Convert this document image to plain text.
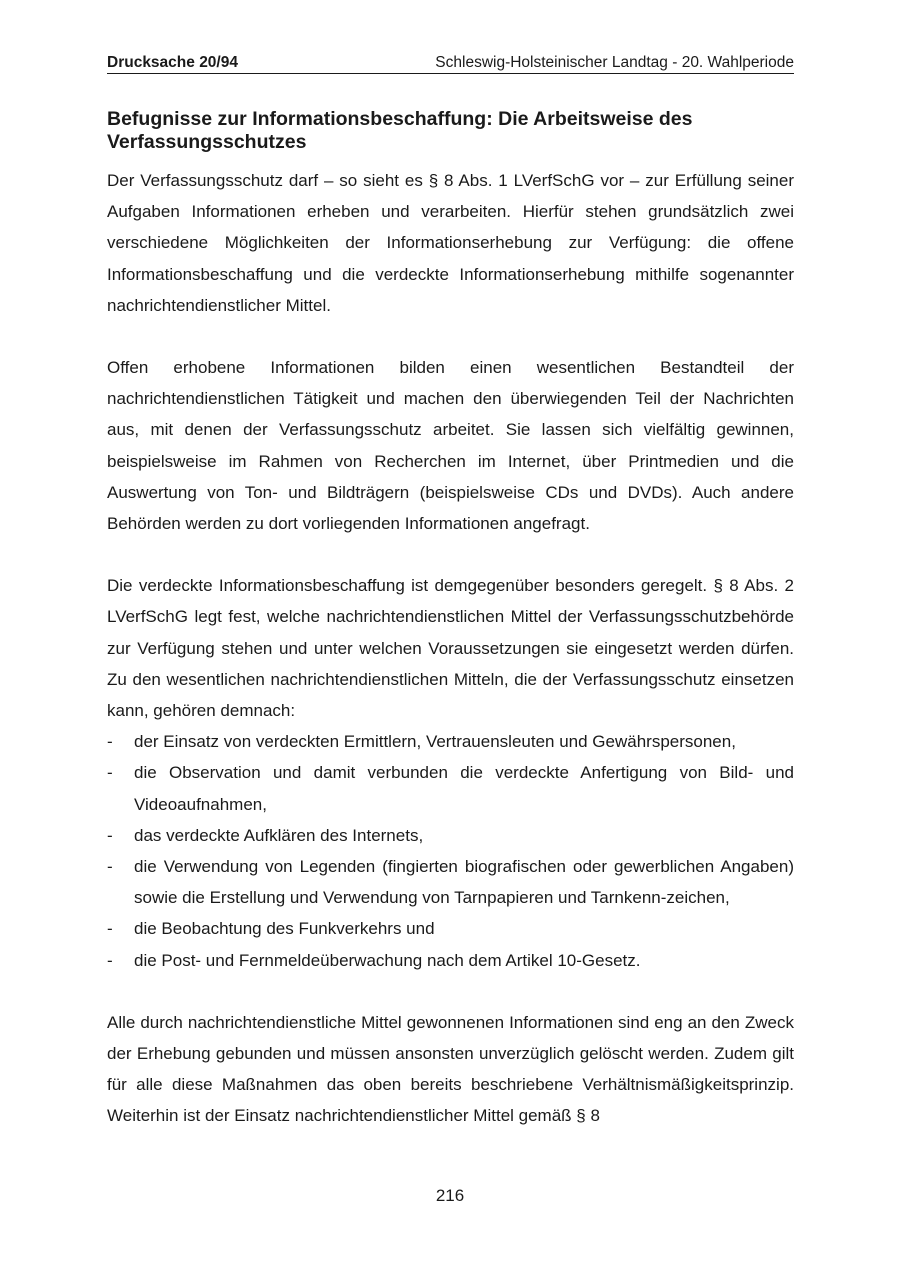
Drucksache 20/94	Schleswig-Holsteinischer Landtag - 20. Wahlperiode
Befugnisse zur Informationsbeschaffung: Die Arbeitsweise des Verfassungsschutzes

Der Verfassungsschutz darf – so sieht es § 8 Abs. 1 LVerfSchG vor – zur Erfüllung seiner Aufgaben Informationen erheben und verarbeiten. Hierfür stehen grundsätzlich zwei verschiedene Möglichkeiten der Informationserhebung zur Verfügung: die offene Informationsbeschaffung und die verdeckte Informationserhebung mithilfe sogenannter nachrichtendienstlicher Mittel.

Offen erhobene Informationen bilden einen wesentlichen Bestandteil der nachrichtendienstlichen Tätigkeit und machen den überwiegenden Teil der Nachrichten aus, mit denen der Verfassungsschutz arbeitet. Sie lassen sich vielfältig gewinnen, beispielsweise im Rahmen von Recherchen im Internet, über Printmedien und die Auswertung von Ton- und Bildträgern (beispielsweise CDs und DVDs). Auch andere Behörden werden zu dort vorliegenden Informationen angefragt.

Die verdeckte Informationsbeschaffung ist demgegenüber besonders geregelt. § 8 Abs. 2 LVerfSchG legt fest, welche nachrichtendienstlichen Mittel der Verfassungsschutzbehörde zur Verfügung stehen und unter welchen Voraussetzungen sie eingesetzt werden dürfen. Zu den wesentlichen nachrichtendienstlichen Mitteln, die der Verfassungsschutz einsetzen kann, gehören demnach:

- der Einsatz von verdeckten Ermittlern, Vertrauensleuten und Gewährspersonen,
- die Observation und damit verbunden die verdeckte Anfertigung von Bild- und Videoaufnahmen,
- das verdeckte Aufklären des Internets,
- die Verwendung von Legenden (fingierten biografischen oder gewerblichen Angaben) sowie die Erstellung und Verwendung von Tarnpapieren und Tarnkenn-zeichen,
- die Beobachtung des Funkverkehrs und
- die Post- und Fernmeldeüberwachung nach dem Artikel 10-Gesetz.

Alle durch nachrichtendienstliche Mittel gewonnenen Informationen sind eng an den Zweck der Erhebung gebunden und müssen ansonsten unverzüglich gelöscht werden. Zudem gilt für alle diese Maßnahmen das oben bereits beschriebene Verhältnismäßigkeitsprinzip. Weiterhin ist der Einsatz nachrichtendienstlicher Mittel gemäß § 8

216
